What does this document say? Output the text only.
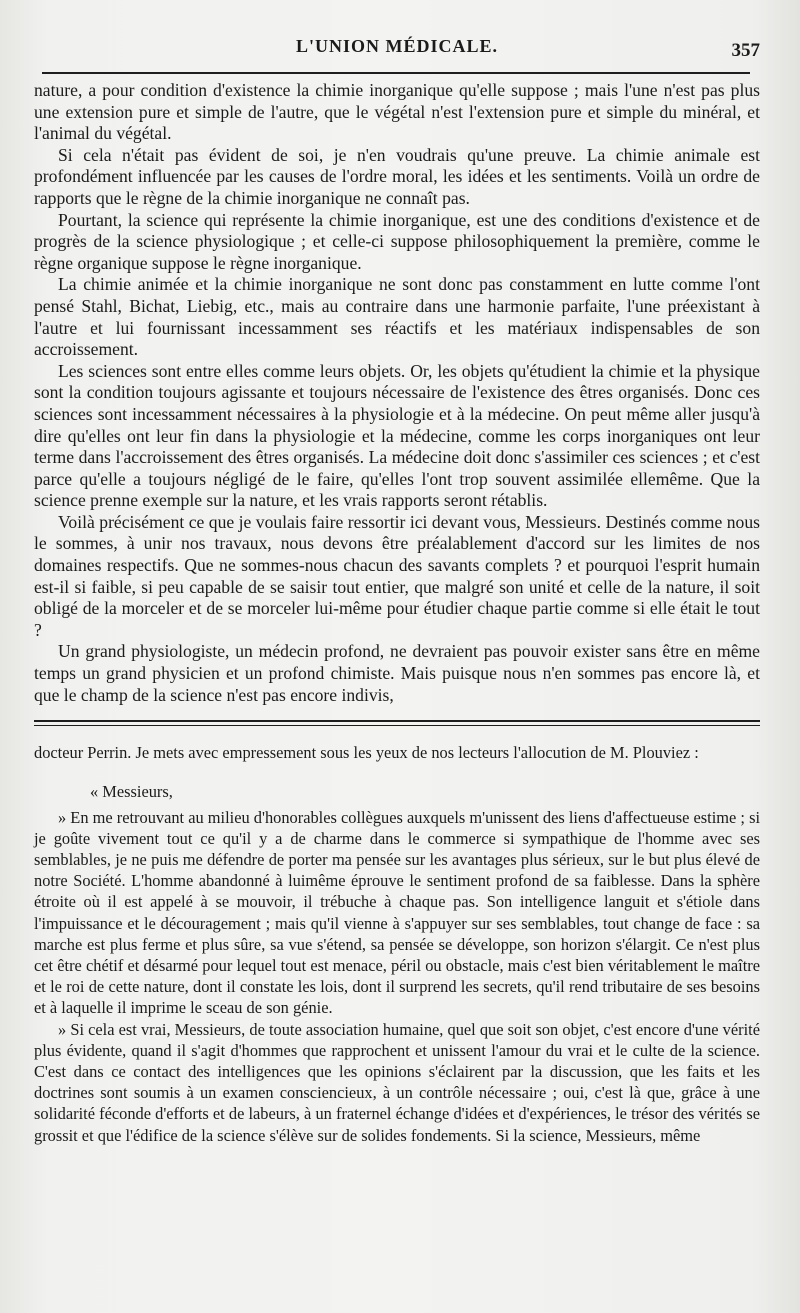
L'UNION MÉDICALE.	357

nature, a pour condition d'existence la chimie inorganique qu'elle suppose ; mais l'une n'est pas plus une extension pure et simple de l'autre, que le végétal n'est l'extension pure et simple du minéral, et l'animal du végétal.

Si cela n'était pas évident de soi, je n'en voudrais qu'une preuve. La chimie animale est profondément influencée par les causes de l'ordre moral, les idées et les sentiments. Voilà un ordre de rapports que le règne de la chimie inorganique ne connaît pas.

Pourtant, la science qui représente la chimie inorganique, est une des conditions d'existence et de progrès de la science physiologique ; et celle-ci suppose philosophiquement la première, comme le règne organique suppose le règne inorganique.

La chimie animée et la chimie inorganique ne sont donc pas constamment en lutte comme l'ont pensé Stahl, Bichat, Liebig, etc., mais au contraire dans une harmonie parfaite, l'une préexistant à l'autre et lui fournissant incessamment ses réactifs et les matériaux indispensables de son accroissement.

Les sciences sont entre elles comme leurs objets. Or, les objets qu'étudient la chimie et la physique sont la condition toujours agissante et toujours nécessaire de l'existence des êtres organisés. Donc ces sciences sont incessamment nécessaires à la physiologie et à la médecine. On peut même aller jusqu'à dire qu'elles ont leur fin dans la physiologie et la médecine, comme les corps inorganiques ont leur terme dans l'accroissement des êtres organisés. La médecine doit donc s'assimiler ces sciences ; et c'est parce qu'elle a toujours négligé de le faire, qu'elles l'ont trop souvent assimilée ellemême. Que la science prenne exemple sur la nature, et les vrais rapports seront rétablis.

Voilà précisément ce que je voulais faire ressortir ici devant vous, Messieurs. Destinés comme nous le sommes, à unir nos travaux, nous devons être préalablement d'accord sur les limites de nos domaines respectifs. Que ne sommes-nous chacun des savants complets ? et pourquoi l'esprit humain est-il si faible, si peu capable de se saisir tout entier, que malgré son unité et celle de la nature, il soit obligé de la morceler et de se morceler lui-même pour étudier chaque partie comme si elle était le tout ?

Un grand physiologiste, un médecin profond, ne devraient pas pouvoir exister sans être en même temps un grand physicien et un profond chimiste. Mais puisque nous n'en sommes pas encore là, et que le champ de la science n'est pas encore indivis,

docteur Perrin. Je mets avec empressement sous les yeux de nos lecteurs l'allocution de M. Plouviez :

« Messieurs,

» En me retrouvant au milieu d'honorables collègues auxquels m'unissent des liens d'affectueuse estime ; si je goûte vivement tout ce qu'il y a de charme dans le commerce si sympathique de l'homme avec ses semblables, je ne puis me défendre de porter ma pensée sur les avantages plus sérieux, sur le but plus élevé de notre Société. L'homme abandonné à luimême éprouve le sentiment profond de sa faiblesse. Dans la sphère étroite où il est appelé à se mouvoir, il trébuche à chaque pas. Son intelligence languit et s'étiole dans l'impuissance et le découragement ; mais qu'il vienne à s'appuyer sur ses semblables, tout change de face : sa marche est plus ferme et plus sûre, sa vue s'étend, sa pensée se développe, son horizon s'élargit. Ce n'est plus cet être chétif et désarmé pour lequel tout est menace, péril ou obstacle, mais c'est bien véritablement le maître et le roi de cette nature, dont il constate les lois, dont il surprend les secrets, qu'il rend tributaire de ses besoins et à laquelle il imprime le sceau de son génie.

» Si cela est vrai, Messieurs, de toute association humaine, quel que soit son objet, c'est encore d'une vérité plus évidente, quand il s'agit d'hommes que rapprochent et unissent l'amour du vrai et le culte de la science. C'est dans ce contact des intelligences que les opinions s'éclairent par la discussion, que les faits et les doctrines sont soumis à un examen consciencieux, à un contrôle nécessaire ; oui, c'est là que, grâce à une solidarité féconde d'efforts et de labeurs, à un fraternel échange d'idées et d'expériences, le trésor des vérités se grossit et que l'édifice de la science s'élève sur de solides fondements. Si la science, Messieurs, même
